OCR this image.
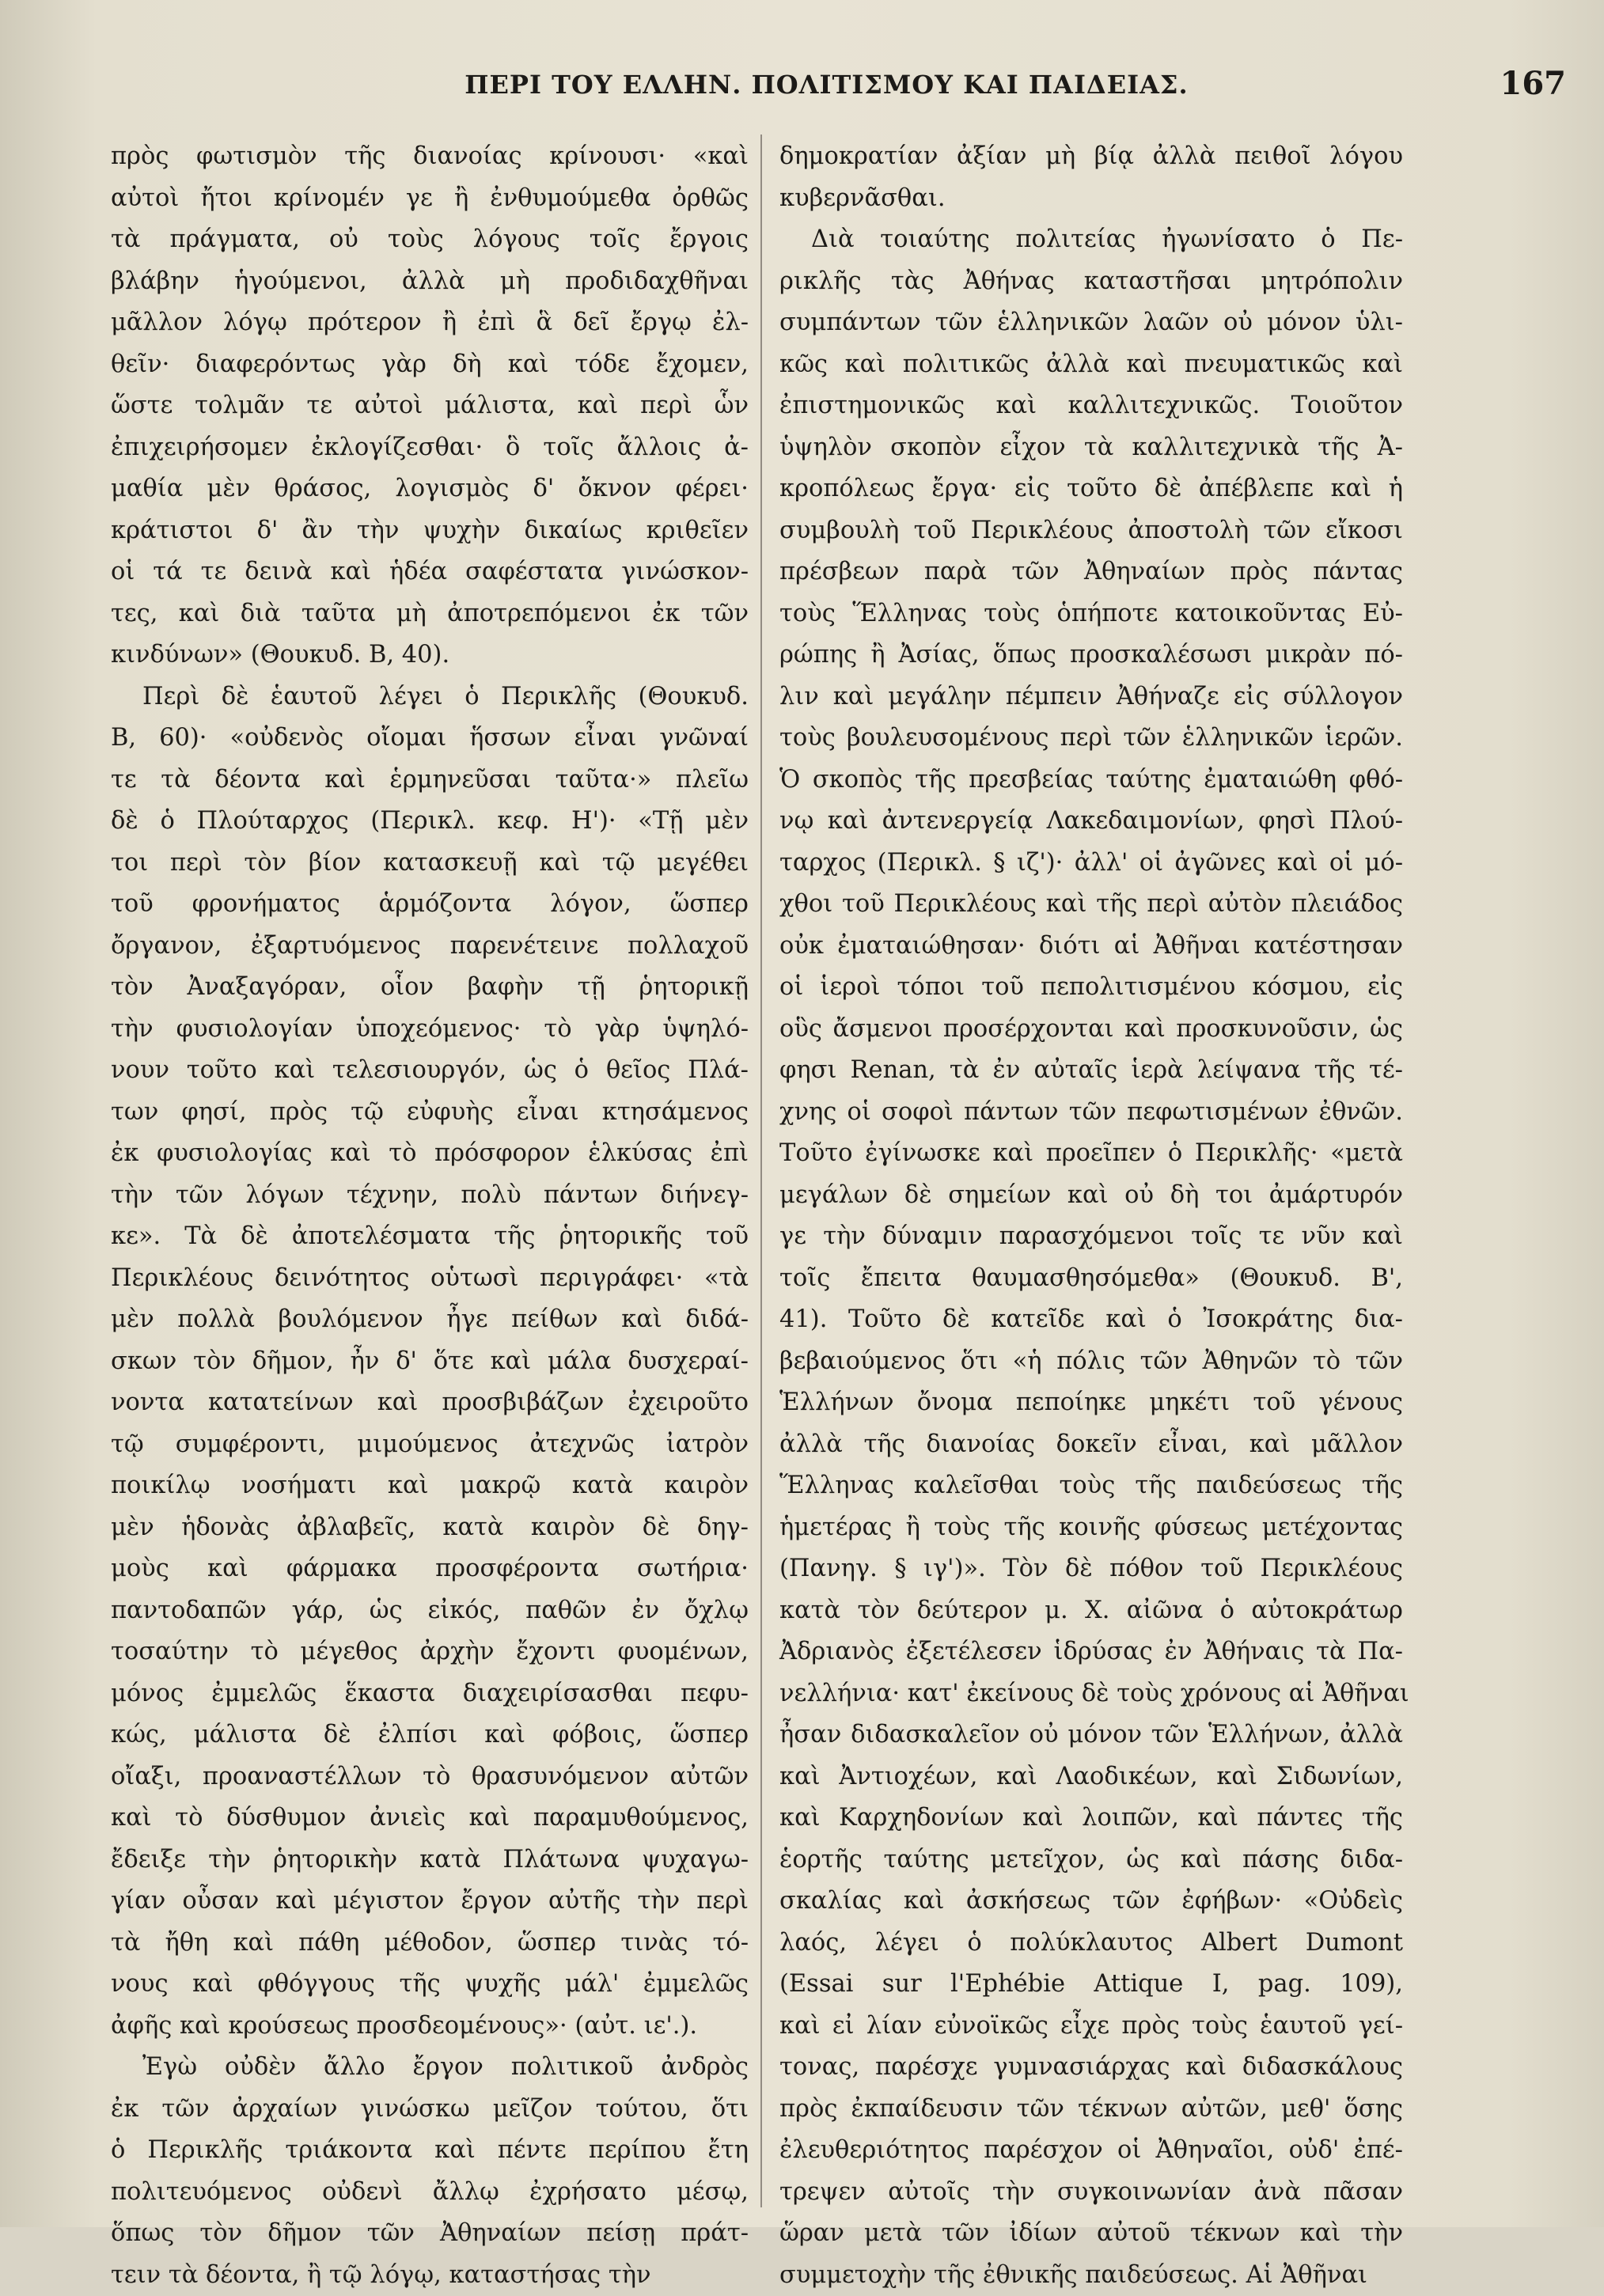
ΠΕΡΙ ΤΟΥ ΕΛΛΗΝ. ΠΟΛΙΤΙΣΜΟΥ ΚΑΙ ΠΑΙΔΕΙΑΣ.	167
πρὸς φωτισμὸν τῆς διανοίας κρίνουσι· «καὶ
αὐτοὶ ἤτοι κρίνομέν γε ἢ ἐνθυμούμεθα ὀρθῶς
τὰ πράγματα, οὐ τοὺς λόγους τοῖς ἔργοις
βλάβην ἡγούμενοι, ἀλλὰ μὴ προδιδαχθῆναι
μᾶλλον λόγῳ πρότερον ἢ ἐπὶ ἃ δεῖ ἔργῳ ἐλ-
θεῖν· διαφερόντως γὰρ δὴ καὶ τόδε ἔχομεν,
ὥστε τολμᾶν τε αὐτοὶ μάλιστα, καὶ περὶ ὧν
ἐπιχειρήσομεν ἐκλογίζεσθαι· ὃ τοῖς ἄλλοις ἀ-
μαθία μὲν θράσος, λογισμὸς δ' ὄκνον φέρει·
κράτιστοι δ' ἂν τὴν ψυχὴν δικαίως κριθεῖεν
οἱ τά τε δεινὰ καὶ ἡδέα σαφέστατα γινώσκον-
τες, καὶ διὰ ταῦτα μὴ ἀποτρεπόμενοι ἐκ τῶν
κινδύνων» (Θουκυδ. Β, 40).
Περὶ δὲ ἑαυτοῦ λέγει ὁ Περικλῆς (Θουκυδ.
Β, 60)· «οὐδενὸς οἴομαι ἥσσων εἶναι γνῶναί
τε τὰ δέοντα καὶ ἑρμηνεῦσαι ταῦτα·» πλεῖω
δὲ ὁ Πλούταρχος (Περικλ. κεφ. Η')· «Τῇ μὲν
τοι περὶ τὸν βίον κατασκευῇ καὶ τῷ μεγέθει
τοῦ φρονήματος ἁρμόζοντα λόγον, ὥσπερ
ὄργανον, ἐξαρτυόμενος παρενέτεινε πολλαχοῦ
τὸν Ἀναξαγόραν, οἷον βαφὴν τῇ ῥητορικῇ
τὴν φυσιολογίαν ὑποχεόμενος· τὸ γὰρ ὑψηλό-
νουν τοῦτο καὶ τελεσιουργόν, ὡς ὁ θεῖος Πλά-
των φησί, πρὸς τῷ εὐφυὴς εἶναι κτησάμενος
ἐκ φυσιολογίας καὶ τὸ πρόσφορον ἑλκύσας ἐπὶ
τὴν τῶν λόγων τέχνην, πολὺ πάντων διήνεγ-
κε». Τὰ δὲ ἀποτελέσματα τῆς ῥητορικῆς τοῦ
Περικλέους δεινότητος οὑτωσὶ περιγράφει· «τὰ
μὲν πολλὰ βουλόμενον ἦγε πείθων καὶ διδά-
σκων τὸν δῆμον, ἦν δ' ὅτε καὶ μάλα δυσχεραί-
νοντα κατατείνων καὶ προσβιβάζων ἐχειροῦτο
τῷ συμφέροντι, μιμούμενος ἀτεχνῶς ἰατρὸν
ποικίλῳ νοσήματι καὶ μακρῷ κατὰ καιρὸν
μὲν ἡδονὰς ἀβλαβεῖς, κατὰ καιρὸν δὲ δηγ-
μοὺς καὶ φάρμακα προσφέροντα σωτήρια·
παντοδαπῶν γάρ, ὡς εἰκός, παθῶν ἐν ὄχλῳ
τοσαύτην τὸ μέγεθος ἀρχὴν ἔχοντι φυομένων,
μόνος ἐμμελῶς ἕκαστα διαχειρίσασθαι πεφυ-
κώς, μάλιστα δὲ ἐλπίσι καὶ φόβοις, ὥσπερ
οἴαξι, προαναστέλλων τὸ θρασυνόμενον αὐτῶν
καὶ τὸ δύσθυμον ἀνιεὶς καὶ παραμυθούμενος,
ἔδειξε τὴν ῥητορικὴν κατὰ Πλάτωνα ψυχαγω-
γίαν οὖσαν καὶ μέγιστον ἔργον αὐτῆς τὴν περὶ
τὰ ἤθη καὶ πάθη μέθοδον, ὥσπερ τινὰς τό-
νους καὶ φθόγγους τῆς ψυχῆς μάλ' ἐμμελῶς
ἀφῆς καὶ κρούσεως προσδεομένους»· (αὐτ. ιε'.).
Ἐγὼ οὐδὲν ἄλλο ἔργον πολιτικοῦ ἀνδρὸς
ἐκ τῶν ἀρχαίων γινώσκω μεῖζον τούτου, ὅτι
ὁ Περικλῆς τριάκοντα καὶ πέντε περίπου ἔτη
πολιτευόμενος οὐδενὶ ἄλλῳ ἐχρήσατο μέσῳ,
ὅπως τὸν δῆμον τῶν Ἀθηναίων πείσῃ πράτ-
τειν τὰ δέοντα, ἢ τῷ λόγῳ, καταστήσας τὴν
δημοκρατίαν ἀξίαν μὴ βίᾳ ἀλλὰ πειθοῖ λόγου
κυβερνᾶσθαι.
Διὰ τοιαύτης πολιτείας ἠγωνίσατο ὁ Πε-
ρικλῆς τὰς Ἀθήνας καταστῆσαι μητρόπολιν
συμπάντων τῶν ἑλληνικῶν λαῶν οὐ μόνον ὑλι-
κῶς καὶ πολιτικῶς ἀλλὰ καὶ πνευματικῶς καὶ
ἐπιστημονικῶς καὶ καλλιτεχνικῶς. Τοιοῦτον
ὑψηλὸν σκοπὸν εἶχον τὰ καλλιτεχνικὰ τῆς Ἀ-
κροπόλεως ἔργα· εἰς τοῦτο δὲ ἀπέβλεπε καὶ ἡ
συμβουλὴ τοῦ Περικλέους ἀποστολὴ τῶν εἴκοσι
πρέσβεων παρὰ τῶν Ἀθηναίων πρὸς πάντας
τοὺς Ἕλληνας τοὺς ὁπήποτε κατοικοῦντας Εὐ-
ρώπης ἢ Ἀσίας, ὅπως προσκαλέσωσι μικρὰν πό-
λιν καὶ μεγάλην πέμπειν Ἀθήναζε εἰς σύλλογον
τοὺς βουλευσομένους περὶ τῶν ἑλληνικῶν ἱερῶν.
Ὁ σκοπὸς τῆς πρεσβείας ταύτης ἐματαιώθη φθό-
νῳ καὶ ἀντενεργείᾳ Λακεδαιμονίων, φησὶ Πλού-
ταρχος (Περικλ. § ιζ')· ἀλλ' οἱ ἀγῶνες καὶ οἱ μό-
χθοι τοῦ Περικλέους καὶ τῆς περὶ αὐτὸν πλειάδος
οὐκ ἐματαιώθησαν· διότι αἱ Ἀθῆναι κατέστησαν
οἱ ἱεροὶ τόποι τοῦ πεπολιτισμένου κόσμου, εἰς
οὓς ἄσμενοι προσέρχονται καὶ προσκυνοῦσιν, ὡς
φησι Renan, τὰ ἐν αὐταῖς ἱερὰ λείψανα τῆς τέ-
χνης οἱ σοφοὶ πάντων τῶν πεφωτισμένων ἐθνῶν.
Τοῦτο ἐγίνωσκε καὶ προεῖπεν ὁ Περικλῆς· «μετὰ
μεγάλων δὲ σημείων καὶ οὐ δὴ τοι ἀμάρτυρόν
γε τὴν δύναμιν παρασχόμενοι τοῖς τε νῦν καὶ
τοῖς ἔπειτα θαυμασθησόμεθα» (Θουκυδ. Β',
41). Τοῦτο δὲ κατεῖδε καὶ ὁ Ἰσοκράτης δια-
βεβαιούμενος ὅτι «ἡ πόλις τῶν Ἀθηνῶν τὸ τῶν
Ἑλλήνων ὄνομα πεποίηκε μηκέτι τοῦ γένους
ἀλλὰ τῆς διανοίας δοκεῖν εἶναι, καὶ μᾶλλον
Ἕλληνας καλεῖσθαι τοὺς τῆς παιδεύσεως τῆς
ἡμετέρας ἢ τοὺς τῆς κοινῆς φύσεως μετέχοντας
(Πανηγ. § ιγ')». Τὸν δὲ πόθον τοῦ Περικλέους
κατὰ τὸν δεύτερον μ. Χ. αἰῶνα ὁ αὐτοκράτωρ
Ἀδριανὸς ἐξετέλεσεν ἱδρύσας ἐν Ἀθήναις τὰ Πα-
νελλήνια· κατ' ἐκείνους δὲ τοὺς χρόνους αἱ Ἀθῆναι
ἦσαν διδασκαλεῖον οὐ μόνον τῶν Ἑλλήνων, ἀλλὰ
καὶ Ἀντιοχέων, καὶ Λαοδικέων, καὶ Σιδωνίων,
καὶ Καρχηδονίων καὶ λοιπῶν, καὶ πάντες τῆς
ἑορτῆς ταύτης μετεῖχον, ὡς καὶ πάσης διδα-
σκαλίας καὶ ἀσκήσεως τῶν ἐφήβων· «Οὐδεὶς
λαός, λέγει ὁ πολύκλαυτος Albert Dumont
(Essai sur l'Ephébie Attique I, pag. 109),
καὶ εἰ λίαν εὐνοϊκῶς εἶχε πρὸς τοὺς ἑαυτοῦ γεί-
τονας, παρέσχε γυμνασιάρχας καὶ διδασκάλους
πρὸς ἐκπαίδευσιν τῶν τέκνων αὐτῶν, μεθ' ὅσης
ἐλευθεριότητος παρέσχον οἱ Ἀθηναῖοι, οὐδ' ἐπέ-
τρεψεν αὐτοῖς τὴν συγκοινωνίαν ἀνὰ πᾶσαν
ὥραν μετὰ τῶν ἰδίων αὐτοῦ τέκνων καὶ τὴν
συμμετοχὴν τῆς ἐθνικῆς παιδεύσεως. Αἱ Ἀθῆναι
